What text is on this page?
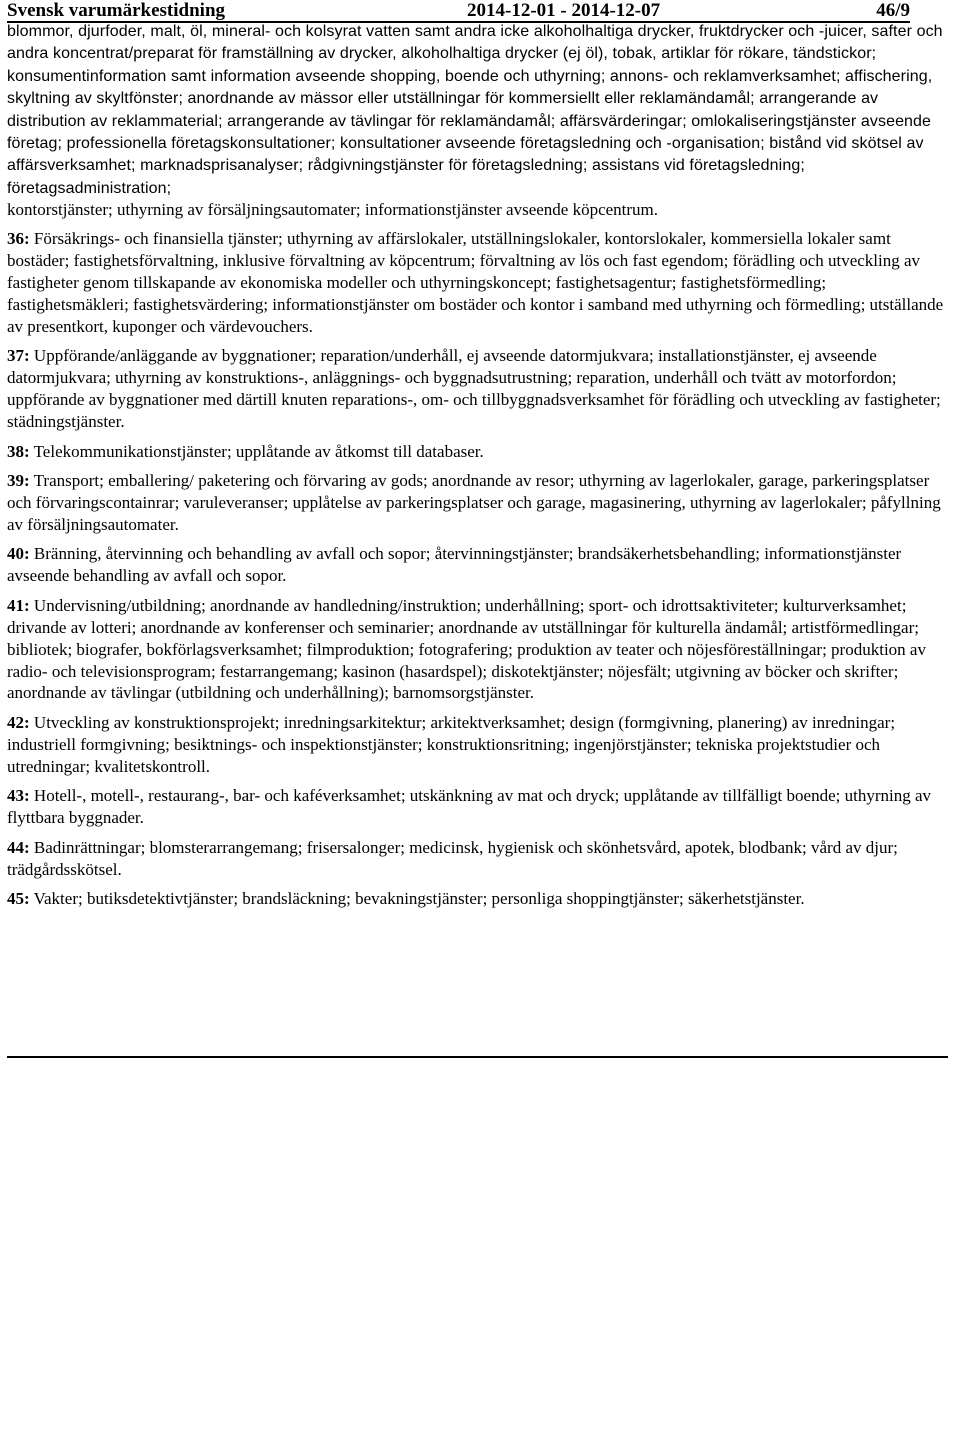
Svensk varumärkestidning	2014-12-01 - 2014-12-07	46/9

blommor, djurfoder, malt, öl, mineral- och kolsyrat vatten samt andra icke alkoholhaltiga drycker, fruktdrycker och -juicer, safter och andra koncentrat/preparat för framställning av drycker, alkoholhaltiga drycker (ej öl), tobak, artiklar för rökare, tändstickor; konsumentinformation samt information avseende shopping, boende och uthyrning; annons- och reklamverksamhet; affischering, skyltning av skyltfönster; anordnande av mässor eller utställningar för kommersiellt eller reklamändamål; arrangerande av distribution av reklammaterial; arrangerande av tävlingar för reklamändamål; affärsvärderingar; omlokaliseringstjänster avseende företag; professionella företagskonsultationer; konsultationer avseende företagsledning och -organisation; bistånd vid skötsel av affärsverksamhet; marknadsprisanalyser; rådgivningstjänster för företagsledning; assistans vid företagsledning; företagsadministration;
kontorstjänster; uthyrning av försäljningsautomater; informationstjänster avseende köpcentrum.

36: Försäkrings- och finansiella tjänster; uthyrning av affärslokaler, utställningslokaler, kontorslokaler, kommersiella lokaler samt bostäder; fastighetsförvaltning, inklusive förvaltning av köpcentrum; förvaltning av lös och fast egendom; förädling och utveckling av fastigheter genom tillskapande av ekonomiska modeller och uthyrningskoncept; fastighetsagentur; fastighetsförmedling; fastighetsmäkleri; fastighetsvärdering; informationstjänster om bostäder och kontor i samband med uthyrning och förmedling; utställande av presentkort, kuponger och värdevouchers.

37: Uppförande/anläggande av byggnationer; reparation/underhåll, ej avseende datormjukvara; installationstjänster, ej avseende datormjukvara; uthyrning av konstruktions-, anläggnings- och byggnadsutrustning; reparation, underhåll och tvätt av motorfordon; uppförande av byggnationer med därtill knuten reparations-, om- och tillbyggnadsverksamhet för förädling och utveckling av fastigheter; städningstjänster.

38: Telekommunikationstjänster; upplåtande av åtkomst till databaser.

39: Transport; emballering/ paketering och förvaring av gods; anordnande av resor; uthyrning av lagerlokaler, garage, parkeringsplatser och förvaringscontainrar; varuleveranser; upplåtelse av parkeringsplatser och garage, magasinering, uthyrning av lagerlokaler; påfyllning av försäljningsautomater.

40: Bränning, återvinning och behandling av avfall och sopor; återvinningstjänster; brandsäkerhetsbehandling; informationstjänster avseende behandling av avfall och sopor.

41: Undervisning/utbildning; anordnande av handledning/instruktion; underhållning; sport- och idrottsaktiviteter; kulturverksamhet; drivande av lotteri; anordnande av konferenser och seminarier; anordnande av utställningar för kulturella ändamål; artistförmedlingar; bibliotek; biografer, bokförlagsverksamhet; filmproduktion; fotografering; produktion av teater och nöjesföreställningar; produktion av radio- och televisionsprogram; festarrangemang; kasinon (hasardspel); diskotektjänster; nöjesfält; utgivning av böcker och skrifter; anordnande av tävlingar (utbildning och underhållning); barnomsorgstjänster.

42: Utveckling av konstruktionsprojekt; inredningsarkitektur; arkitektverksamhet; design (formgivning, planering) av inredningar; industriell formgivning; besiktnings- och inspektionstjänster; konstruktionsritning; ingenjörstjänster; tekniska projektstudier och utredningar; kvalitetskontroll.

43: Hotell-, motell-, restaurang-, bar- och kaféverksamhet; utskänkning av mat och dryck; upplåtande av tillfälligt boende; uthyrning av flyttbara byggnader.

44: Badinrättningar; blomsterarrangemang; frisersalonger; medicinsk, hygienisk och skönhetsvård, apotek, blodbank; vård av djur; trädgårdsskötsel.

45: Vakter; butiksdetektivtjänster; brandsläckning; bevakningstjänster; personliga shoppingtjänster; säkerhetstjänster.
